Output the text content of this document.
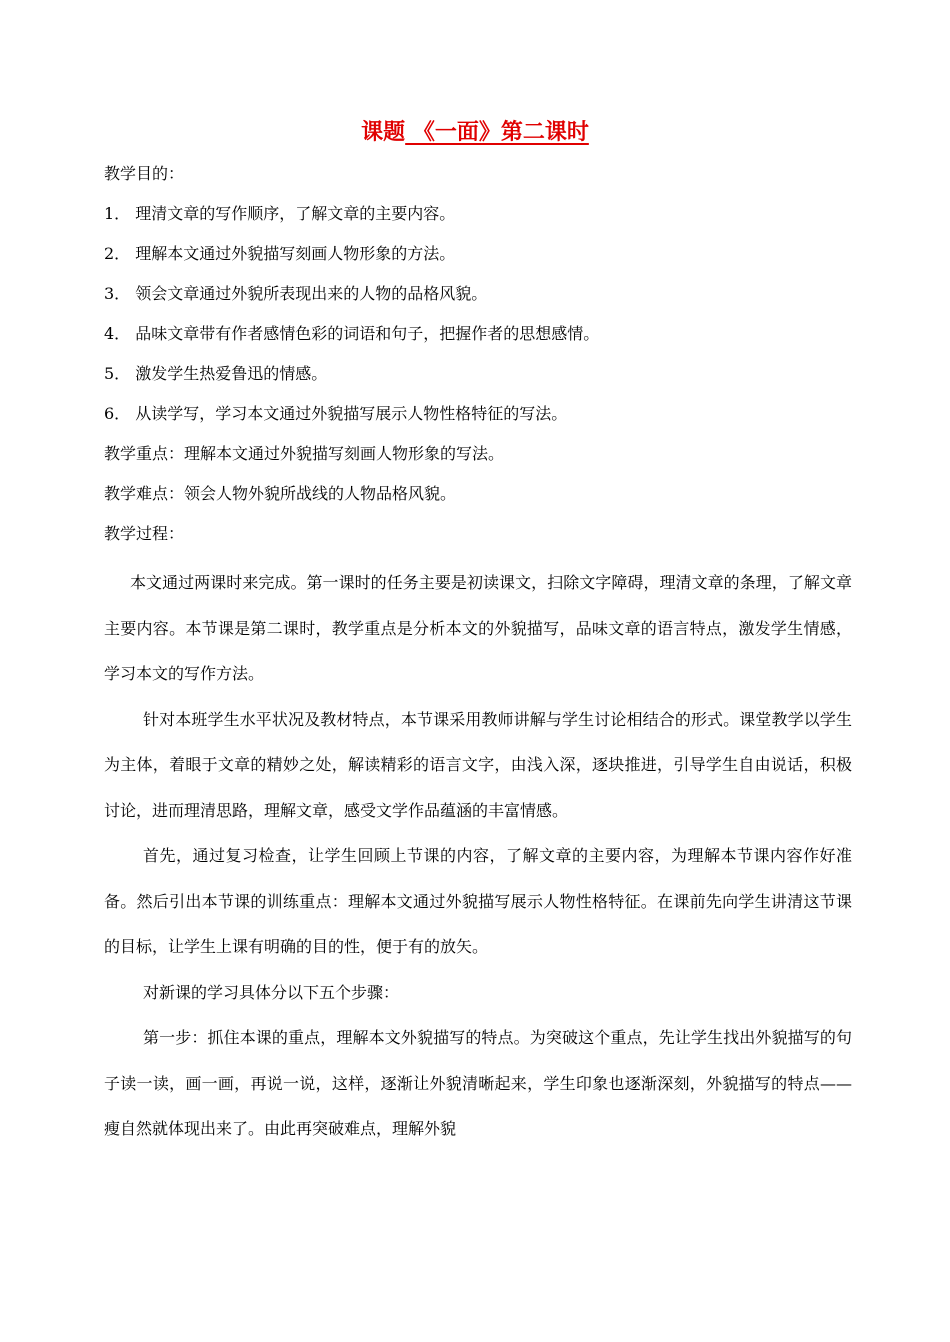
课题 《一面》第二课时
教学目的：
1． 理清文章的写作顺序，了解文章的主要内容。
2． 理解本文通过外貌描写刻画人物形象的方法。
3． 领会文章通过外貌所表现出来的人物的品格风貌。
4． 品味文章带有作者感情色彩的词语和句子，把握作者的思想感情。
5． 激发学生热爱鲁迅的情感。
6． 从读学写，学习本文通过外貌描写展示人物性格特征的写法。
教学重点：理解本文通过外貌描写刻画人物形象的写法。
教学难点：领会人物外貌所战线的人物品格风貌。
教学过程：

本文通过两课时来完成。第一课时的任务主要是初读课文，扫除文字障碍，理清文章的条理，了解文章主要内容。本节课是第二课时，教学重点是分析本文的外貌描写，品味文章的语言特点，激发学生情感，学习本文的写作方法。

针对本班学生水平状况及教材特点，本节课采用教师讲解与学生讨论相结合的形式。课堂教学以学生为主体，着眼于文章的精妙之处，解读精彩的语言文字，由浅入深，逐块推进，引导学生自由说话，积极讨论，进而理清思路，理解文章，感受文学作品蕴涵的丰富情感。

首先，通过复习检查，让学生回顾上节课的内容，了解文章的主要内容，为理解本节课内容作好准备。然后引出本节课的训练重点：理解本文通过外貌描写展示人物性格特征。在课前先向学生讲清这节课的目标，让学生上课有明确的目的性，便于有的放矢。

对新课的学习具体分以下五个步骤：

第一步：抓住本课的重点，理解本文外貌描写的特点。为突破这个重点，先让学生找出外貌描写的句子读一读，画一画，再说一说，这样，逐渐让外貌清晰起来，学生印象也逐渐深刻，外貌描写的特点——瘦自然就体现出来了。由此再突破难点，理解外貌
